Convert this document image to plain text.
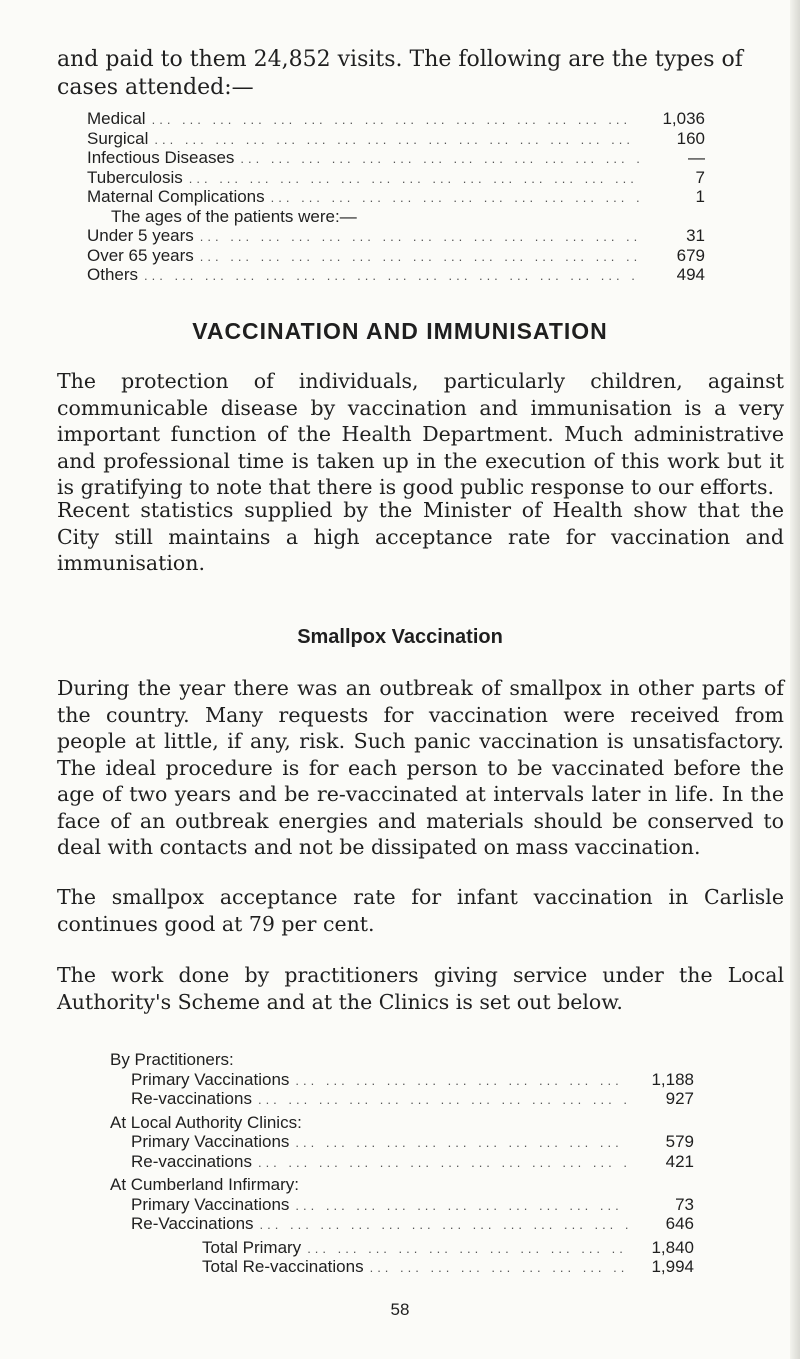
and paid to them 24,852 visits. The following are the types of cases attended:—

Medical ... .	1,036
Surgical ... .	160
Infectious Diseases ... .	—
Tuberculosis ... .	7
Maternal Complications ... .	1
The ages of the patients were:—
Under 5 years ... .	31
Over 65 years ... .	679
Others ... .	494
VACCINATION AND IMMUNISATION

The protection of individuals, particularly children, against communicable disease by vaccination and immunisation is a very important function of the Health Department. Much administrative and professional time is taken up in the execution of this work but it is gratifying to note that there is good public response to our efforts.

Recent statistics supplied by the Minister of Health show that the City still maintains a high acceptance rate for vaccination and immunisation.

Smallpox Vaccination

During the year there was an outbreak of smallpox in other parts of the country. Many requests for vaccination were received from people at little, if any, risk. Such panic vaccination is unsatisfactory. The ideal procedure is for each person to be vaccinated before the age of two years and be re-vaccinated at intervals later in life. In the face of an outbreak energies and materials should be conserved to deal with contacts and not be dissipated on mass vaccination.

The smallpox acceptance rate for infant vaccination in Carlisle continues good at 79 per cent.

The work done by practitioners giving service under the Local Authority's Scheme and at the Clinics is set out below.

By Practitioners:
Primary Vaccinations ... .	1,188
Re-vaccinations ... .	927
At Local Authority Clinics:
Primary Vaccinations ... .	579
Re-vaccinations ... .	421
At Cumberland Infirmary:
Primary Vaccinations ... .	73
Re-Vaccinations ... .	646
Total Primary ... .	1,840
Total Re-vaccinations ... .	1,994

58
